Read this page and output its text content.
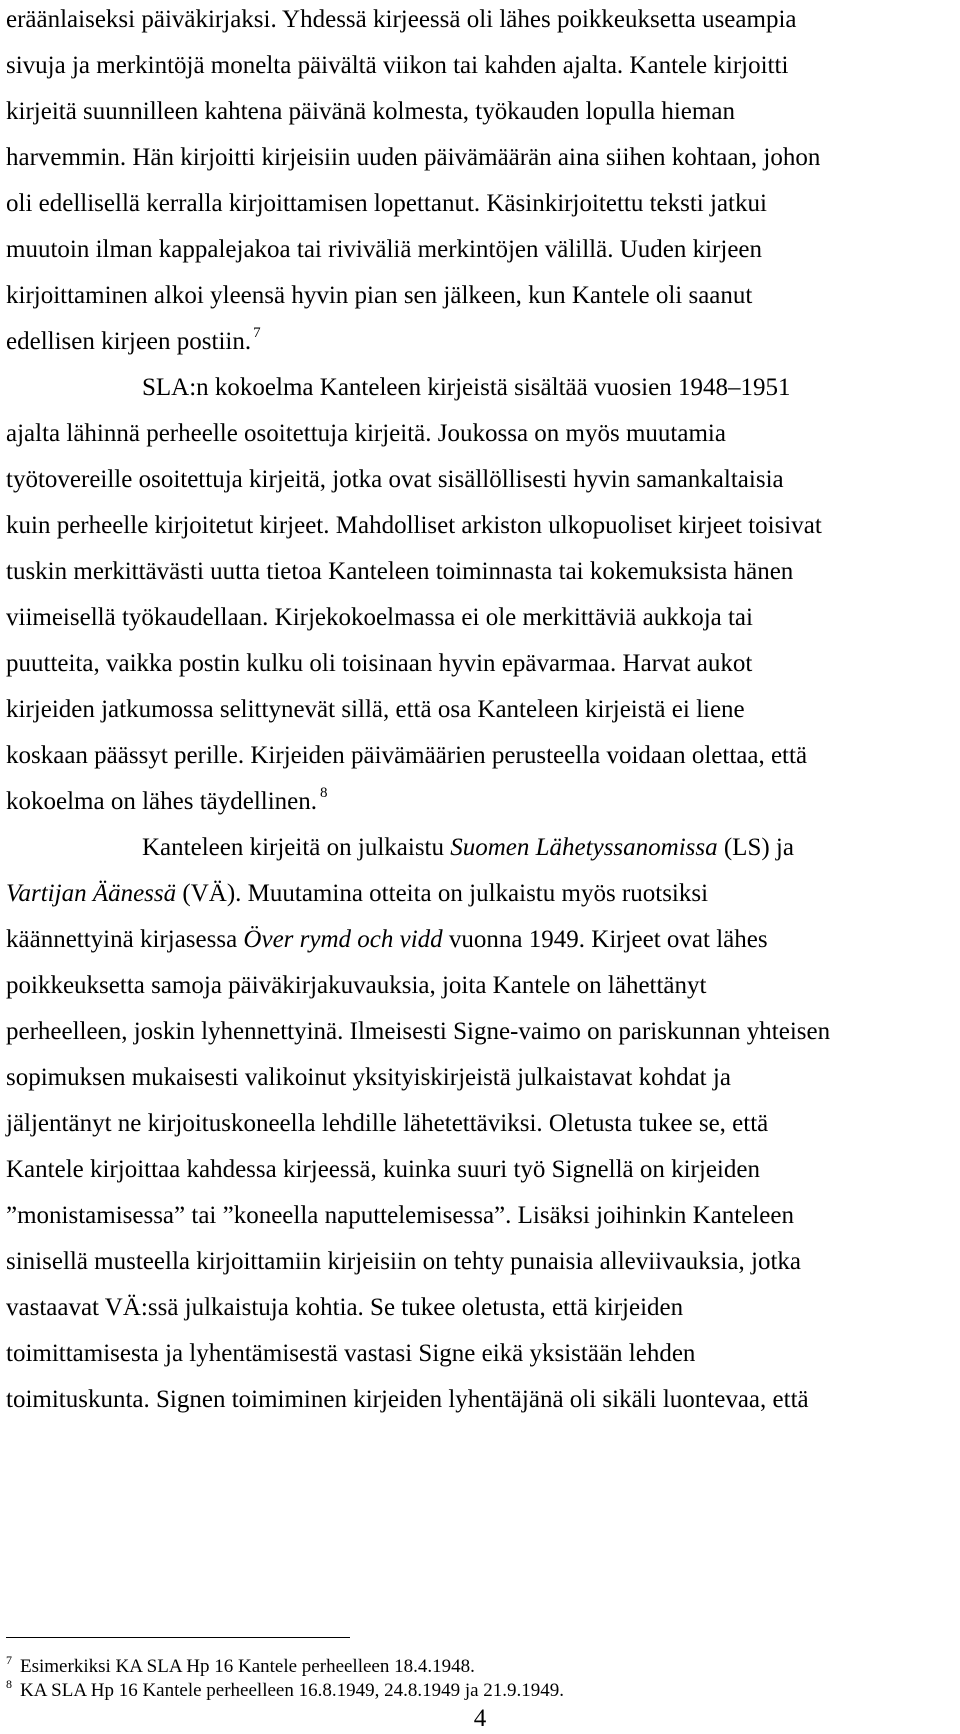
eräänlaiseksi päiväkirjaksi. Yhdessä kirjeessä oli lähes poikkeuksetta useampia
sivuja ja merkintöjä monelta päivältä viikon tai kahden ajalta. Kantele kirjoitti
kirjeitä suunnilleen kahtena päivänä kolmesta, työkauden lopulla hieman
harvemmin. Hän kirjoitti kirjeisiin uuden päivämäärän aina siihen kohtaan, johon
oli edellisellä kerralla kirjoittamisen lopettanut. Käsinkirjoitettu teksti jatkui
muutoin ilman kappalejakoa tai riviväliä merkintöjen välillä. Uuden kirjeen
kirjoittaminen alkoi yleensä hyvin pian sen jälkeen, kun Kantele oli saanut
edellisen kirjeen postiin. $^7$
SLA:n kokoelma Kanteleen kirjeistä sisältää vuosien 1948–1951
ajalta lähinnä perheelle osoitettuja kirjeitä. Joukossa on myös muutamia
työtovereille osoitettuja kirjeitä, jotka ovat sisällöllisesti hyvin samankaltaisia
kuin perheelle kirjoitetut kirjeet. Mahdolliset arkiston ulkopuoliset kirjeet toisivat
tuskin merkittävästi uutta tietoa Kanteleen toiminnasta tai kokemuksista hänen
viimeisellä työkaudellaan. Kirjekokoelmassa ei ole merkittäviä aukkoja tai
puutteita, vaikka postin kulku oli toisinaan hyvin epävarmaa. Harvat aukot
kirjeiden jatkumossa selittynevät sillä, että osa Kanteleen kirjeistä ei liene
koskaan päässyt perille. Kirjeiden päivämäärien perusteella voidaan olettaa, että
kokoelma on lähes täydellinen. $^8$
Kanteleen kirjeitä on julkaistu Suomen Lähetyssanomissa (LS) ja
Vartijan Äänessä (VÄ). Muutamina otteita on julkaistu myös ruotsiksi
käännettyinä kirjasessa Över rymd och vidd vuonna 1949. Kirjeet ovat lähes
poikkeuksetta samoja päiväkirjakuvauksia, joita Kantele on lähettänyt
perheelleen, joskin lyhennettyinä. Ilmeisesti Signe-vaimo on pariskunnan yhteisen
sopimuksen mukaisesti valikoinut yksityiskirjeistä julkaistavat kohdat ja
jäljentänyt ne kirjoituskoneella lehdille lähetettäviksi. Oletusta tukee se, että
Kantele kirjoittaa kahdessa kirjeessä, kuinka suuri työ Signellä on kirjeiden
”monistamisessa” tai ”koneella naputtelemisessa”. Lisäksi joihinkin Kanteleen
sinisellä musteella kirjoittamiin kirjeisiin on tehty punaisia alleviivauksia, jotka
vastaavat VÄ:ssä julkaistuja kohtia. Se tukee oletusta, että kirjeiden
toimittamisesta ja lyhentämisestä vastasi Signe eikä yksistään lehden
toimituskunta. Signen toimiminen kirjeiden lyhentäjänä oli sikäli luontevaa, että
$^7$ Esimerkiksi KA SLA Hp 16 Kantele perheelleen 18.4.1948.
$^8$ KA SLA Hp 16 Kantele perheelleen 16.8.1949, 24.8.1949 ja 21.9.1949.
4
